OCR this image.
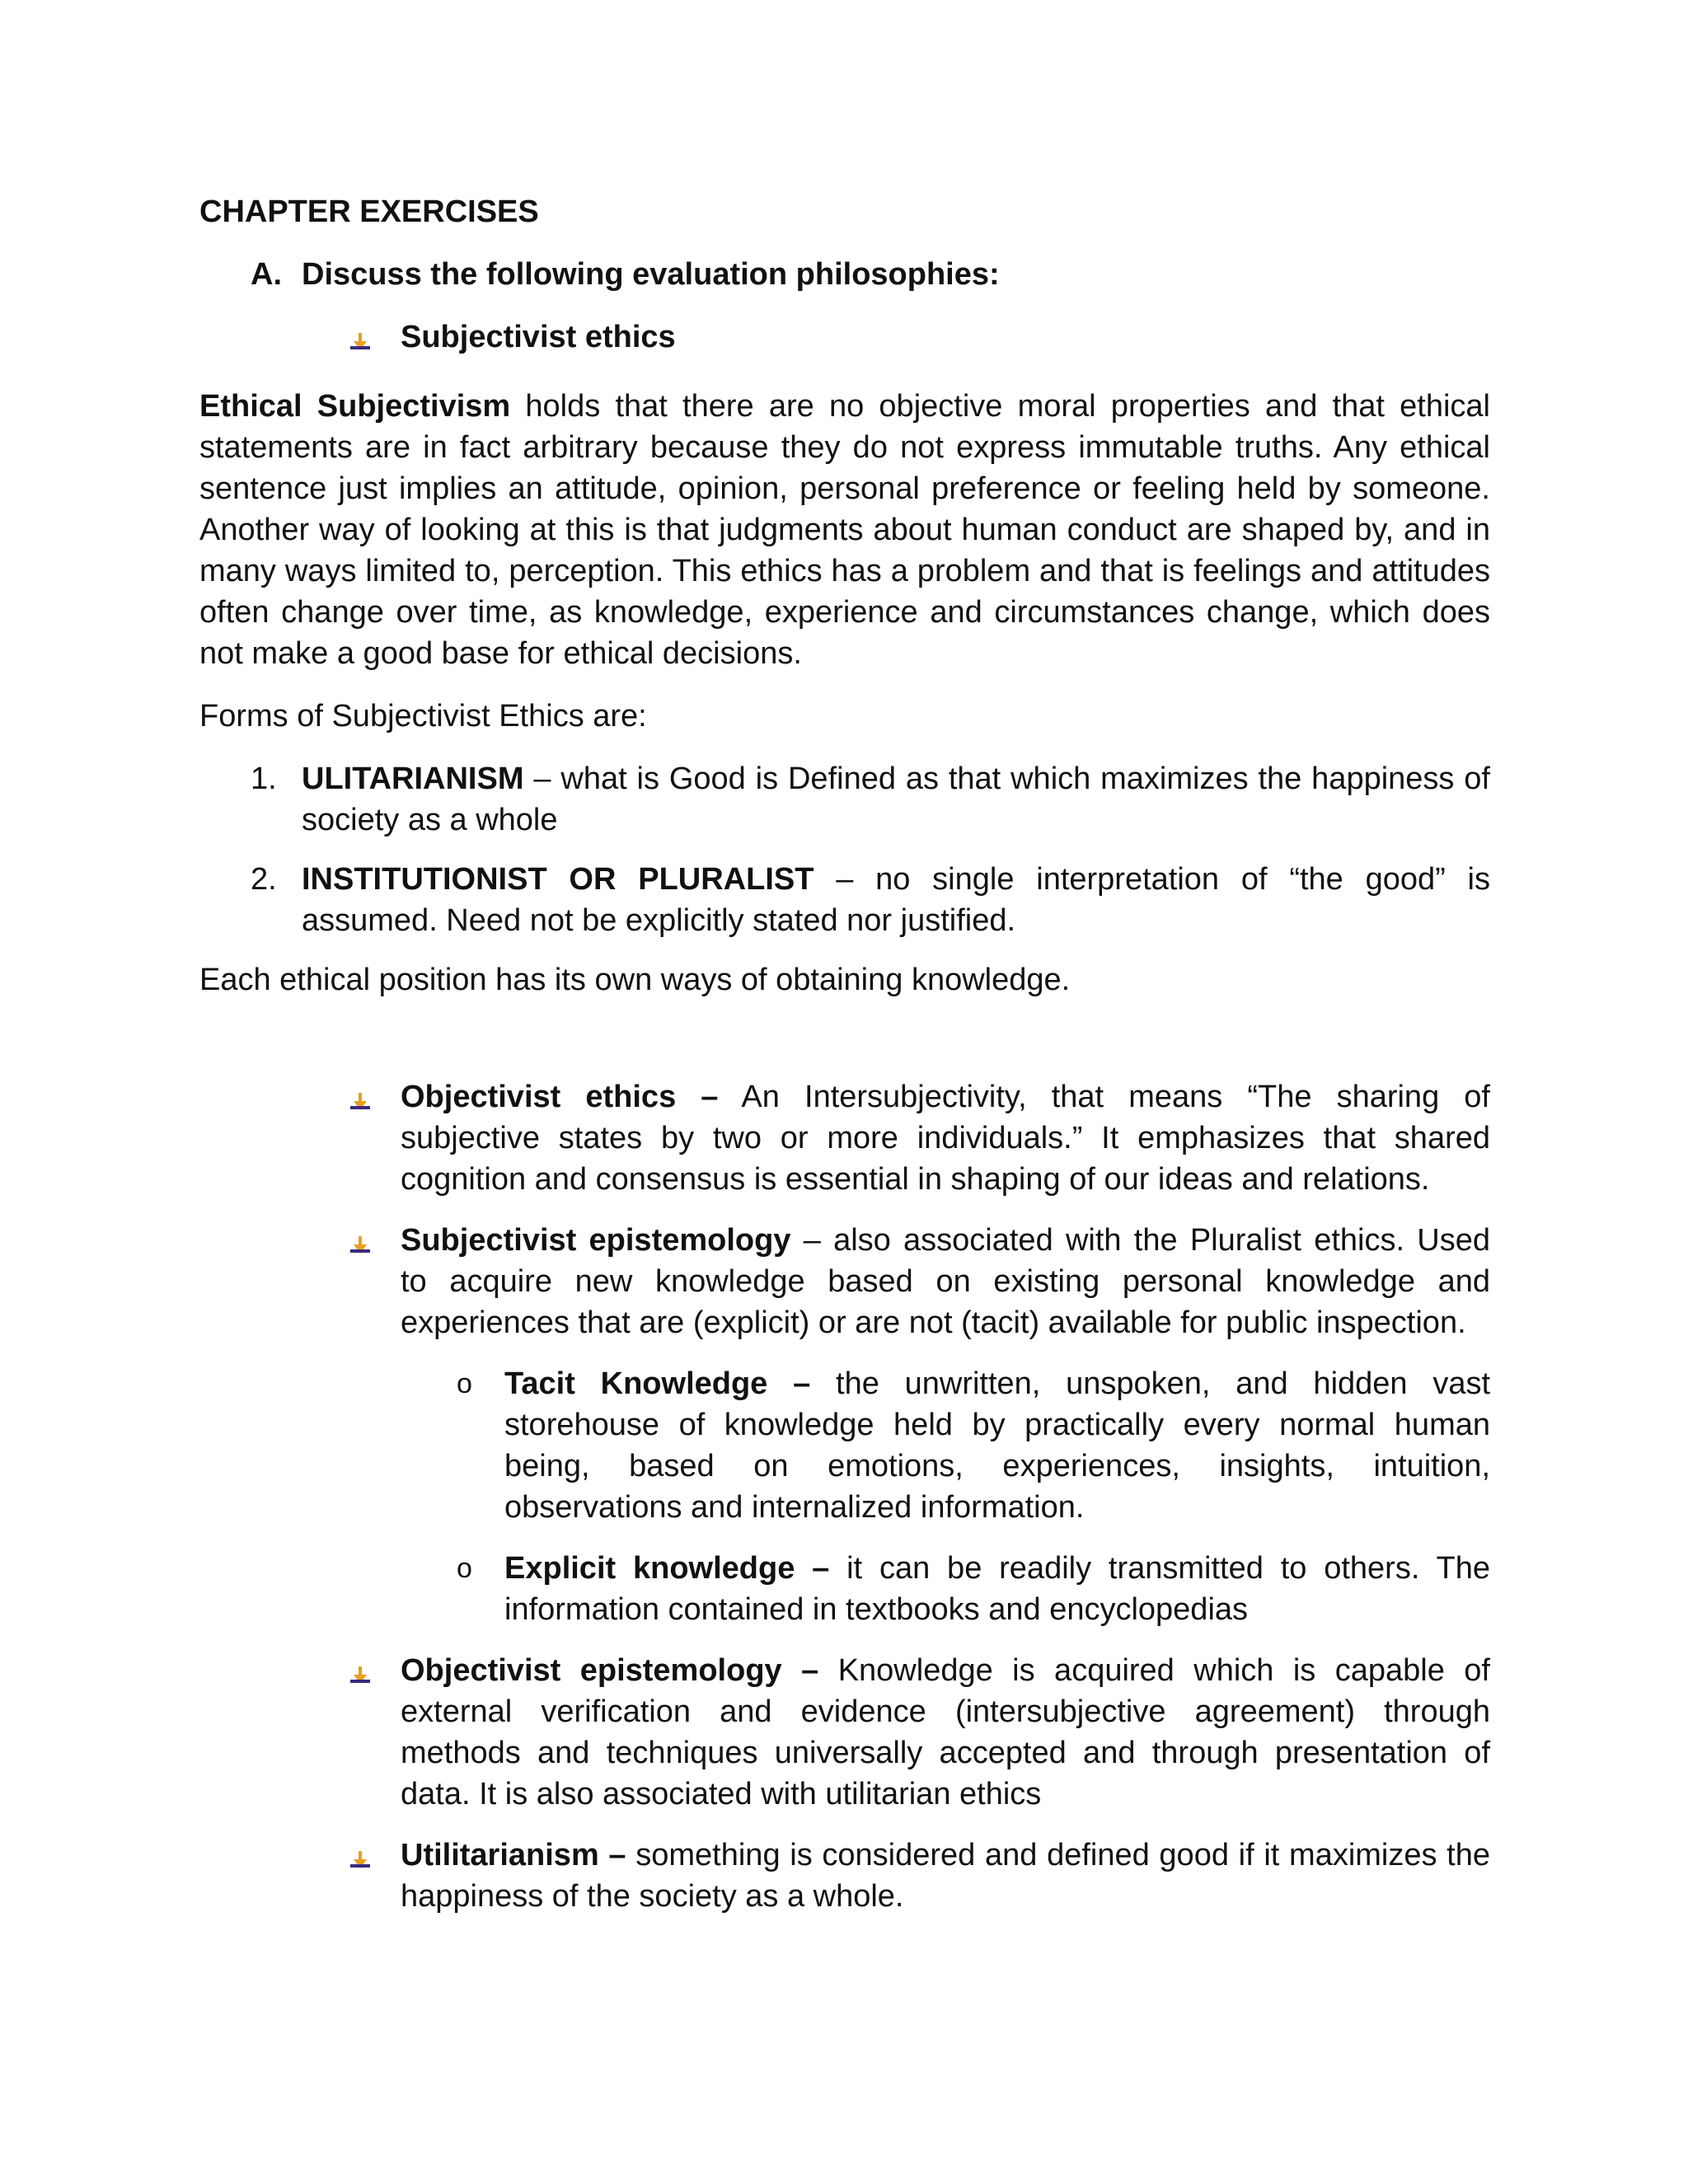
CHAPTER EXERCISES
A. Discuss the following evaluation philosophies:
Subjectivist ethics

Ethical Subjectivism holds that there are no objective moral properties and that ethical statements are in fact arbitrary because they do not express immutable truths. Any ethical sentence just implies an attitude, opinion, personal preference or feeling held by someone. Another way of looking at this is that judgments about human conduct are shaped by, and in many ways limited to, perception. This ethics has a problem and that is feelings and attitudes often change over time, as knowledge, experience and circumstances change, which does not make a good base for ethical decisions.

Forms of Subjectivist Ethics are:

1. ULITARIANISM – what is Good is Defined as that which maximizes the happiness of society as a whole
2. INSTITUTIONIST OR PLURALIST – no single interpretation of “the good” is assumed. Need not be explicitly stated nor justified.

Each ethical position has its own ways of obtaining knowledge.

Objectivist ethics – An Intersubjectivity, that means “The sharing of subjective states by two or more individuals.” It emphasizes that shared cognition and consensus is essential in shaping of our ideas and relations.
Subjectivist epistemology – also associated with the Pluralist ethics. Used to acquire new knowledge based on existing personal knowledge and experiences that are (explicit) or are not (tacit) available for public inspection.
o	Tacit Knowledge – the unwritten, unspoken, and hidden vast storehouse of knowledge held by practically every normal human being, based on emotions, experiences, insights, intuition, observations and internalized information.
o	Explicit knowledge – it can be readily transmitted to others. The information contained in textbooks and encyclopedias
Objectivist epistemology – Knowledge is acquired which is capable of external verification and evidence (intersubjective agreement) through methods and techniques universally accepted and through presentation of data. It is also associated with utilitarian ethics
Utilitarianism – something is considered and defined good if it maximizes the happiness of the society as a whole.
